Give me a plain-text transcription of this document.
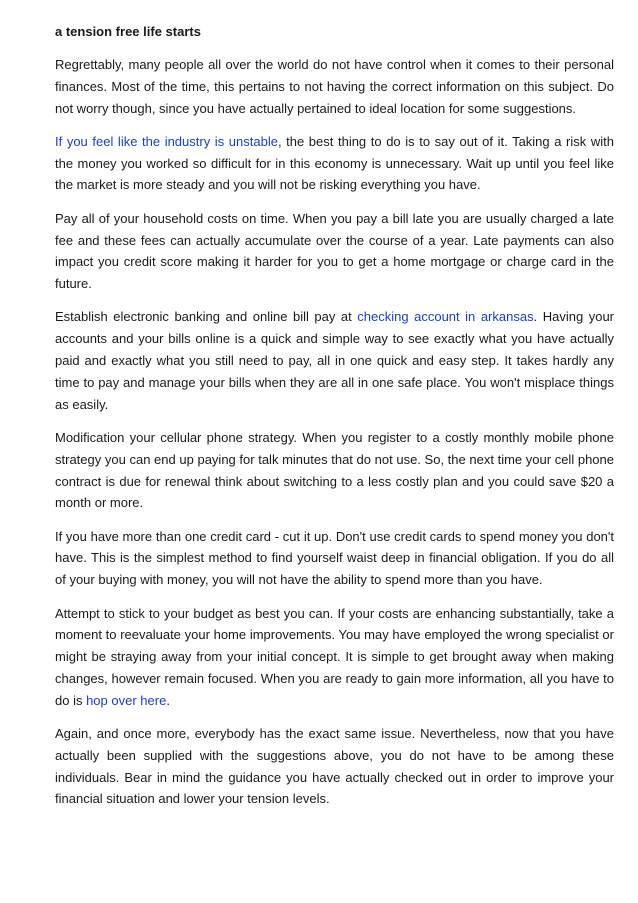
a tension free life starts

Regrettably, many people all over the world do not have control when it comes to their personal finances. Most of the time, this pertains to not having the correct information on this subject. Do not worry though, since you have actually pertained to ideal location for some suggestions.

If you feel like the industry is unstable, the best thing to do is to say out of it. Taking a risk with the money you worked so difficult for in this economy is unnecessary. Wait up until you feel like the market is more steady and you will not be risking everything you have.

Pay all of your household costs on time. When you pay a bill late you are usually charged a late fee and these fees can actually accumulate over the course of a year. Late payments can also impact you credit score making it harder for you to get a home mortgage or charge card in the future.

Establish electronic banking and online bill pay at checking account in arkansas. Having your accounts and your bills online is a quick and simple way to see exactly what you have actually paid and exactly what you still need to pay, all in one quick and easy step. It takes hardly any time to pay and manage your bills when they are all in one safe place. You won't misplace things as easily.

Modification your cellular phone strategy. When you register to a costly monthly mobile phone strategy you can end up paying for talk minutes that do not use. So, the next time your cell phone contract is due for renewal think about switching to a less costly plan and you could save $20 a month or more.

If you have more than one credit card - cut it up. Don't use credit cards to spend money you don't have. This is the simplest method to find yourself waist deep in financial obligation. If you do all of your buying with money, you will not have the ability to spend more than you have.

Attempt to stick to your budget as best you can. If your costs are enhancing substantially, take a moment to reevaluate your home improvements. You may have employed the wrong specialist or might be straying away from your initial concept. It is simple to get brought away when making changes, however remain focused. When you are ready to gain more information, all you have to do is hop over here.

Again, and once more, everybody has the exact same issue. Nevertheless, now that you have actually been supplied with the suggestions above, you do not have to be among these individuals. Bear in mind the guidance you have actually checked out in order to improve your financial situation and lower your tension levels.
